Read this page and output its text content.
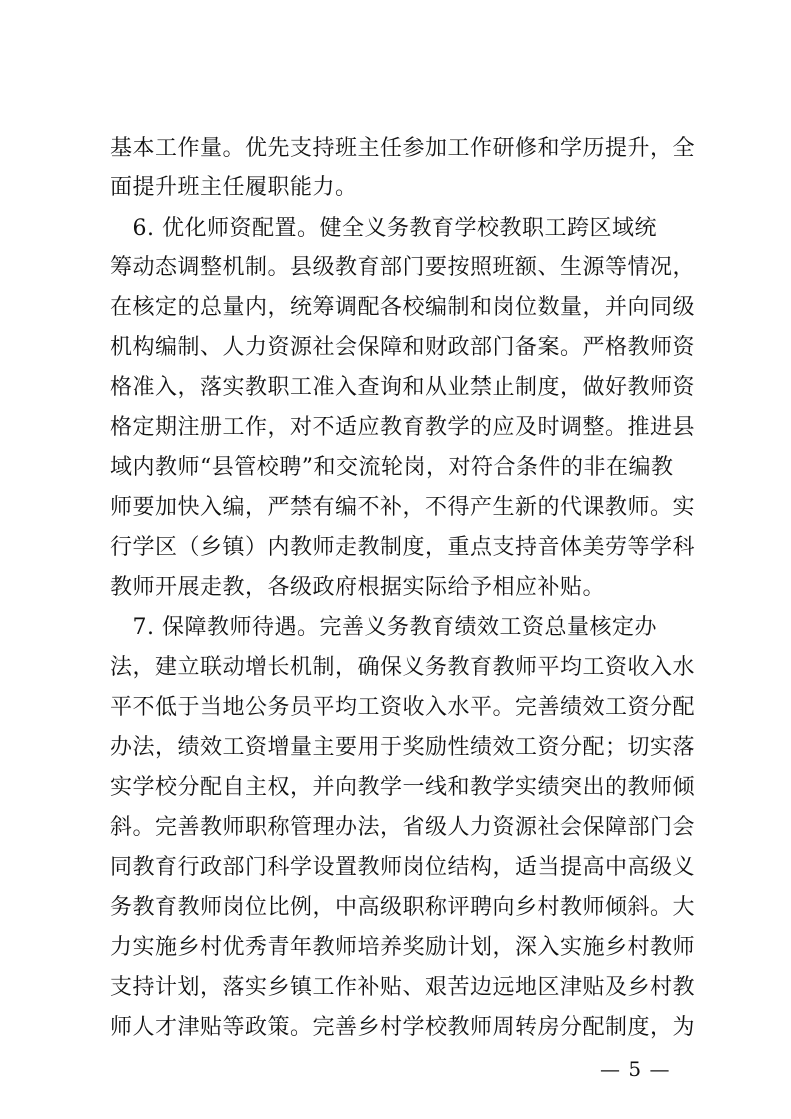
基本工作量。优先支持班主任参加工作研修和学历提升，全
面提升班主任履职能力。
　6. 优化师资配置。健全义务教育学校教职工跨区域统
筹动态调整机制。县级教育部门要按照班额、生源等情况，
在核定的总量内，统筹调配各校编制和岗位数量，并向同级
机构编制、人力资源社会保障和财政部门备案。严格教师资
格准入，落实教职工准入查询和从业禁止制度，做好教师资
格定期注册工作，对不适应教育教学的应及时调整。推进县
域内教师“县管校聘”和交流轮岗，对符合条件的非在编教
师要加快入编，严禁有编不补，不得产生新的代课教师。实
行学区（乡镇）内教师走教制度，重点支持音体美劳等学科
教师开展走教，各级政府根据实际给予相应补贴。
　7. 保障教师待遇。完善义务教育绩效工资总量核定办
法，建立联动增长机制，确保义务教育教师平均工资收入水
平不低于当地公务员平均工资收入水平。完善绩效工资分配
办法，绩效工资增量主要用于奖励性绩效工资分配；切实落
实学校分配自主权，并向教学一线和教学实绩突出的教师倾
斜。完善教师职称管理办法，省级人力资源社会保障部门会
同教育行政部门科学设置教师岗位结构，适当提高中高级义
务教育教师岗位比例，中高级职称评聘向乡村教师倾斜。大
力实施乡村优秀青年教师培养奖励计划，深入实施乡村教师
支持计划，落实乡镇工作补贴、艰苦边远地区津贴及乡村教
师人才津贴等政策。完善乡村学校教师周转房分配制度，为
— 5 —
